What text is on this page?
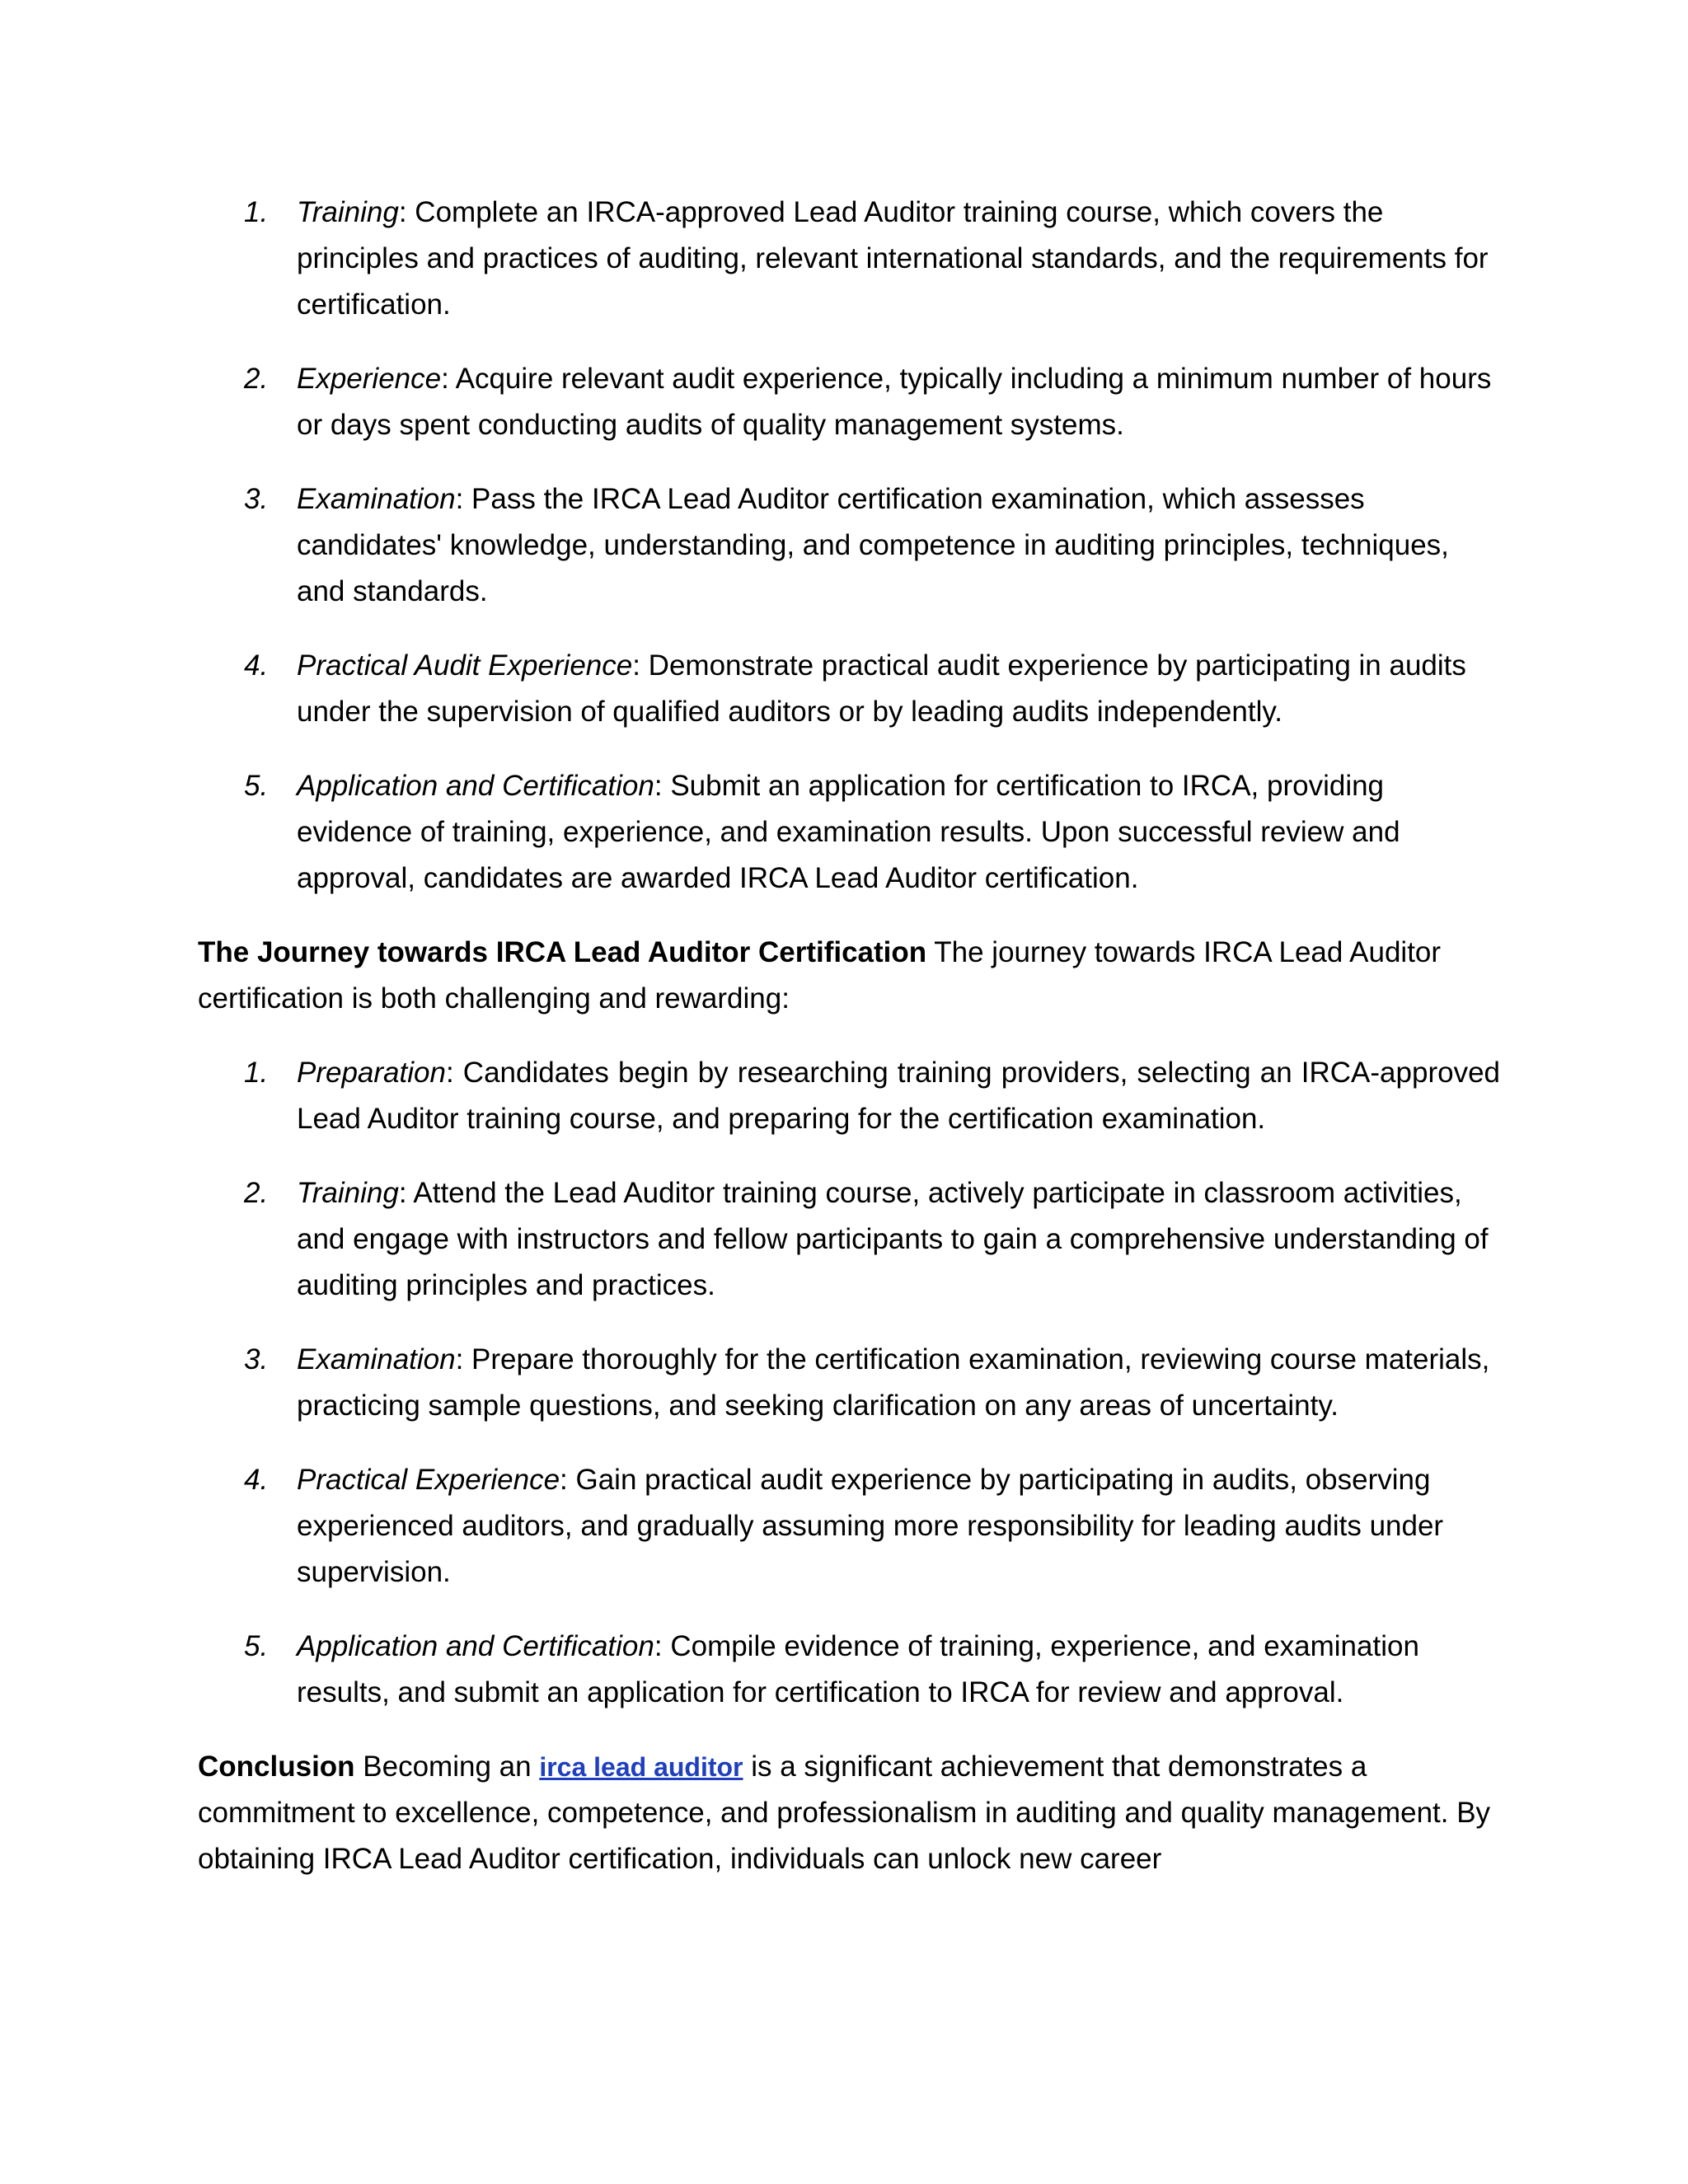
1. Training: Complete an IRCA-approved Lead Auditor training course, which covers the principles and practices of auditing, relevant international standards, and the requirements for certification.
2. Experience: Acquire relevant audit experience, typically including a minimum number of hours or days spent conducting audits of quality management systems.
3. Examination: Pass the IRCA Lead Auditor certification examination, which assesses candidates' knowledge, understanding, and competence in auditing principles, techniques, and standards.
4. Practical Audit Experience: Demonstrate practical audit experience by participating in audits under the supervision of qualified auditors or by leading audits independently.
5. Application and Certification: Submit an application for certification to IRCA, providing evidence of training, experience, and examination results. Upon successful review and approval, candidates are awarded IRCA Lead Auditor certification.

The Journey towards IRCA Lead Auditor Certification The journey towards IRCA Lead Auditor certification is both challenging and rewarding:

1. Preparation: Candidates begin by researching training providers, selecting an IRCA-approved Lead Auditor training course, and preparing for the certification examination.
2. Training: Attend the Lead Auditor training course, actively participate in classroom activities, and engage with instructors and fellow participants to gain a comprehensive understanding of auditing principles and practices.
3. Examination: Prepare thoroughly for the certification examination, reviewing course materials, practicing sample questions, and seeking clarification on any areas of uncertainty.
4. Practical Experience: Gain practical audit experience by participating in audits, observing experienced auditors, and gradually assuming more responsibility for leading audits under supervision.
5. Application and Certification: Compile evidence of training, experience, and examination results, and submit an application for certification to IRCA for review and approval.

Conclusion Becoming an irca lead auditor is a significant achievement that demonstrates a commitment to excellence, competence, and professionalism in auditing and quality management. By obtaining IRCA Lead Auditor certification, individuals can unlock new career
